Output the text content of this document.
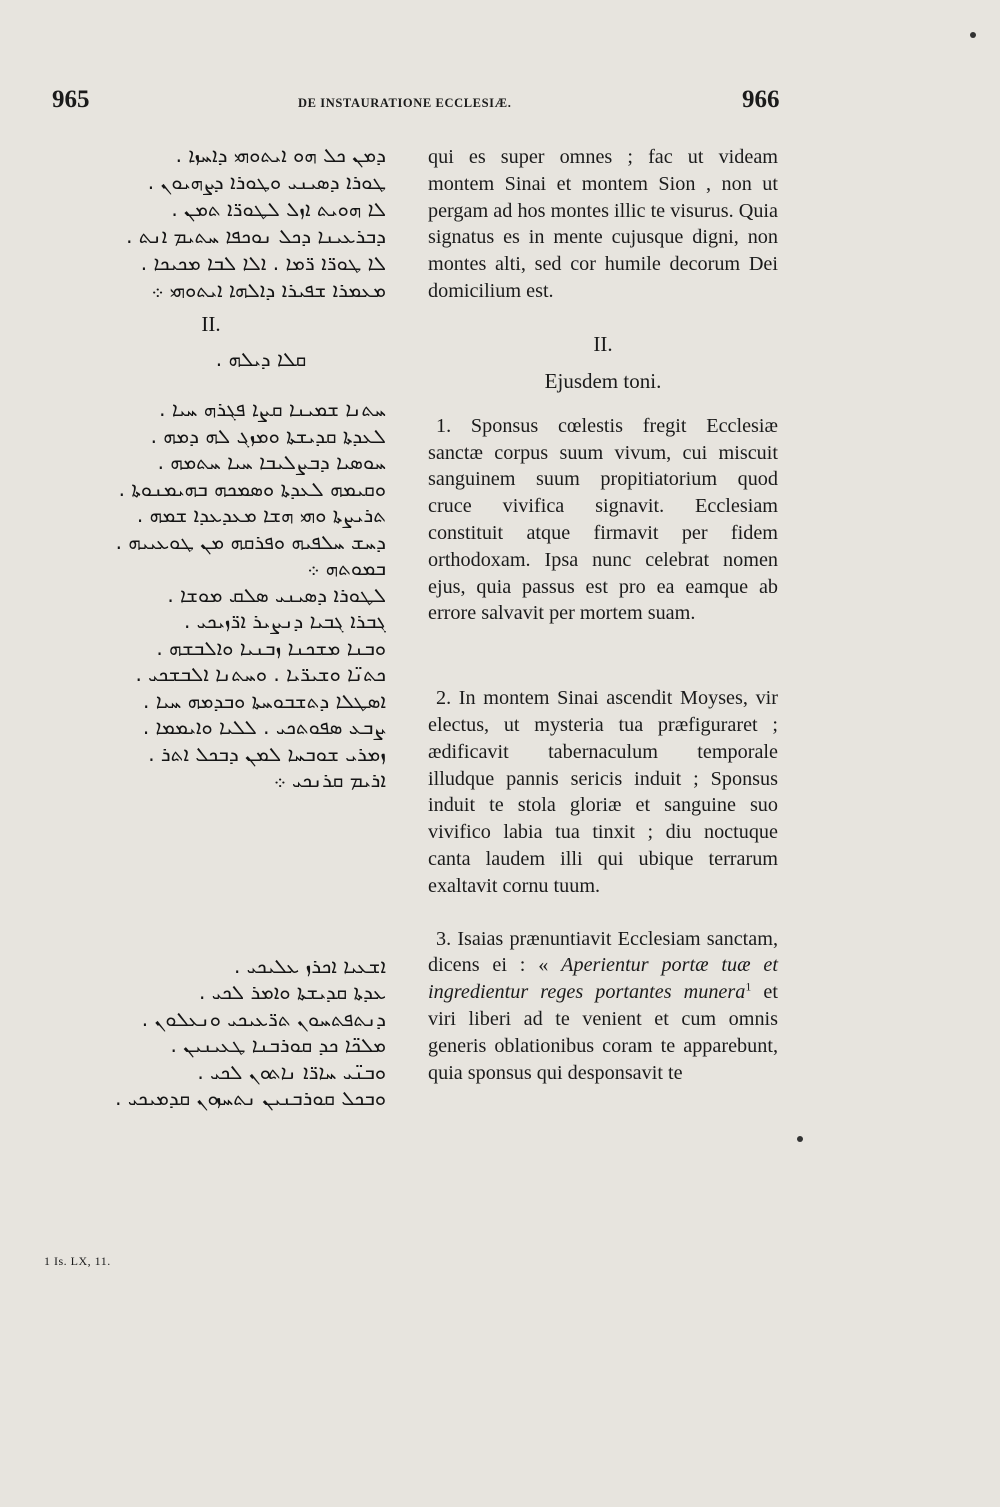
965	DE INSTAURATIONE ECCLESIÆ.	966
ܕܡܢ ܟܠ ܗܘ ܐܝܬܘܗܝ ܕܐܚܙܐ .
ܛܘܪܐ ܕܣܝܢܝ ܘܛܘܪܐ ܕܨܗܝܘܢ .
ܠܐ ܗܘܝܬ ܐܙܠ ܠܛܘܪ̈ܐ ܬܡܢ .
ܕܒܪܥܝܢܐ ܕܟܠ ܢܘܟܦܐ ܚܬܝܡ ܐܢܬ .
ܠܐ ܛܘܪ̈ܐ ܪ̈ܡܐ . ܐܠܐ ܠܒܐ ܡܟܝܟܐ .
ܡܥܡܪܐ ܫܦܝܪܐ ܕܐܠܗܐ ܐܝܬܘܗܝ ܀
II.
ܩܠܐ ܕܝܠܗ .
ܚܬܢܐ ܫܡܝܢܐ ܩܨܐ ܦܓܪܗ ܚܝܐ .
ܠܥܕܬܐ ܩܕܝܫܬܐ ܘܡܙܓ ܠܗ ܕܡܗ .
ܚܘܣܝܐ ܕܒܨܠܝܒܐ ܚܝܐ ܚܬܡܗ .
ܘܩܝܡܗ ܠܥܕܬܐ ܘܣܡܟܗ ܒܗܝܡܢܘܬܐ .
ܬܪܝܨܬܐ ܘܗܝ ܗܫܐ ܡܥܕܥܕܐ ܫܡܗ .
ܕܚܫ ܚܠܦܝܗ ܘܦܪܩܗ ܡܢ ܛܘܥܝܝܗ .
ܒܡܘܬܗ ܀
ܠܛܘܪܐ ܕܣܝܢܝ ܣܠܩ ܡܘܫܐ .
ܓܒܪܐ ܓܒܝܐ ܕܢܨܝܪ ܐܪ̈ܙܝܟܝ .
ܘܒܢܐ ܡܫܟܢܐ ܙܒܢܝܐ ܘܐܠܒܫܗ .
ܟܬܢ̈ܐ ܘܫܝܪ̈ܝܐ . ܘܚܬܢܐ ܐܠܒܫܟܝ .
ܐܣܛܠܐ ܕܬܫܒܘܚܬܐ ܘܒܕܡܗ ܚܝܐ .
ܨܒܥ ܣܦܘܬܟܝ . ܠܠܝܐ ܘܐܝܡܡܐ .
ܙܡܪܝ ܫܘܒܚܐ ܠܡܢ ܕܒܟܠ ܐܬܪ .
ܐܪܝܡ ܩܪܢܟܝ ܀
ܐܫܥܝܐ ܐܟܪܙ ܥܠܝܟܝ .
ܥܕܬܐ ܩܕܝܫܬܐ ܘܐܡܪ ܠܟܝ .
ܕܢܬܦܬܚܘܢ ܬܪ̈ܥܝܟܝ ܘܢܥܠܘܢ .
ܡܠܟ̈ܐ ܟܕ ܩܘܪܒܢܐ ܛܥܝܢܝܢ .
ܘܒܢ̈ܝ ܚܐܪ̈ܐ ܢܐܬܘܢ ܠܟܝ .
ܘܒܟܠ ܩܘܪܒܢܝܢ ܢܬܚܙܘܢ ܩܕܡܝܟܝ .

qui es super omnes ; fac ut videam montem Sinai et montem Sion , non ut pergam ad hos montes illic te visurus. Quia signatus es in mente cujusque digni, non montes alti, sed cor humile decorum Dei domicilium est.

II.
Ejusdem toni.

1. Sponsus cœlestis fregit Ecclesiæ sanctæ corpus suum vivum, cui miscuit sanguinem suum propitiatorium quod cruce vivifica signavit. Ecclesiam constituit atque firmavit per fidem orthodoxam. Ipsa nunc celebrat nomen ejus, quia passus est pro ea eamque ab errore salvavit per mortem suam.

2. In montem Sinai ascendit Moyses, vir electus, ut mysteria tua præfiguraret ; ædificavit tabernaculum temporale illudque pannis sericis induit ; Sponsus induit te stola gloriæ et sanguine suo vivifico labia tua tinxit ; diu noctuque canta laudem illi qui ubique terrarum exaltavit cornu tuum.

3. Isaias prænuntiavit Ecclesiam sanctam, dicens ei : « Aperientur portæ tuæ et ingredientur reges portantes munera$^1$ et viri liberi ad te venient et cum omnis generis oblationibus coram te apparebunt, quia sponsus qui desponsavit te

1 Is. LX, 11.
